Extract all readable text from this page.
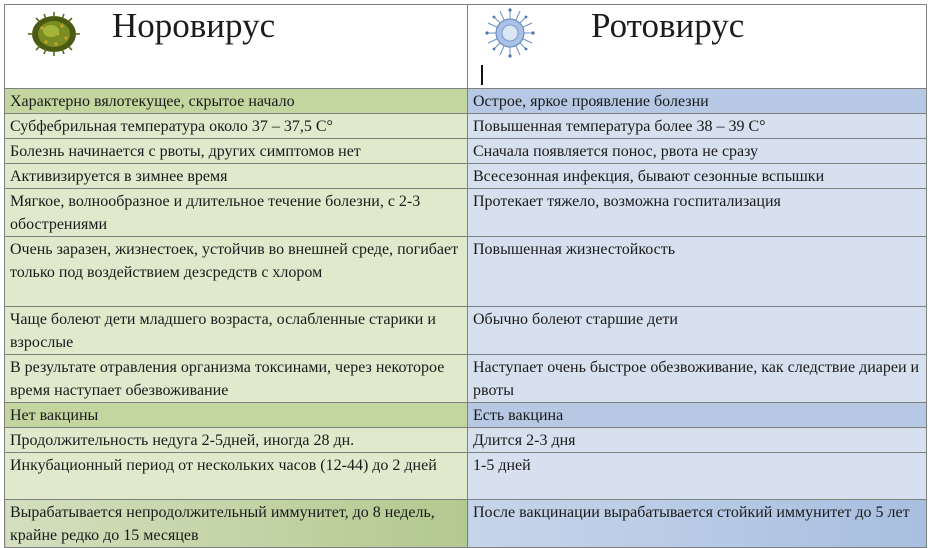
Норовирус	Ротовирус
Характерно вялотекущее, скрытое начало	Острое, яркое проявление болезни
Субфебрильная температура около 37 – 37,5 С°	Повышенная температура более 38 – 39 С°
Болезнь начинается с рвоты, других симптомов нет	Сначала появляется понос, рвота не сразу
Активизируется в зимнее время	Всесезонная инфекция, бывают сезонные вспышки
Мягкое, волнообразное и длительное течение болезни, с 2-3 обострениями	Протекает тяжело, возможна госпитализация
Очень заразен, жизнестоек, устойчив во внешней среде, погибает только под воздействием дезсредств с хлором	Повышенная жизнестойкость
Чаще болеют дети младшего возраста, ослабленные старики и взрослые	Обычно болеют старшие дети
В результате отравления организма токсинами, через некоторое время наступает обезвоживание	Наступает очень быстрое обезвоживание, как следствие диареи и рвоты
Нет вакцины	Есть вакцина
Продолжительность недуга 2-5дней, иногда 28 дн.	Длится 2-3 дня
Инкубационный период от нескольких часов (12-44) до 2 дней	1-5 дней
Вырабатывается непродолжительный иммунитет, до 8 недель, крайне редко до 15 месяцев	После вакцинации вырабатывается стойкий иммунитет до 5 лет
